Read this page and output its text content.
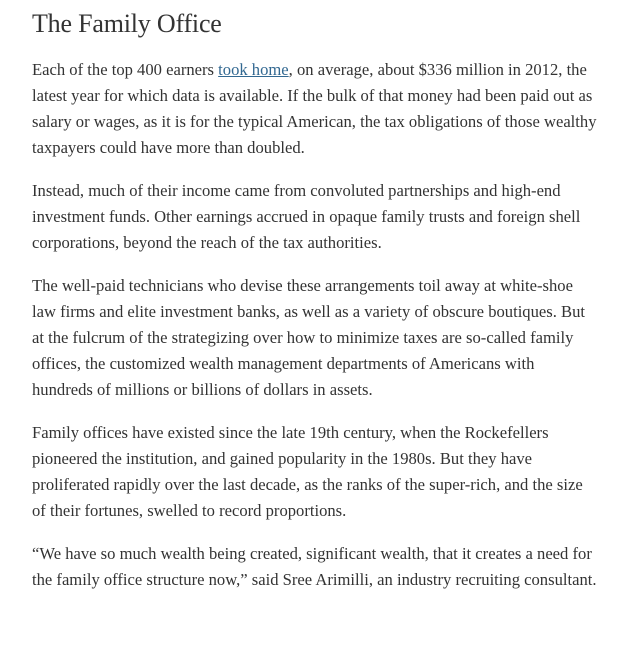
The Family Office

Each of the top 400 earners took home, on average, about $336 million in 2012, the latest year for which data is available. If the bulk of that money had been paid out as salary or wages, as it is for the typical American, the tax obligations of those wealthy taxpayers could have more than doubled.

Instead, much of their income came from convoluted partnerships and high-end investment funds. Other earnings accrued in opaque family trusts and foreign shell corporations, beyond the reach of the tax authorities.

The well-paid technicians who devise these arrangements toil away at white-shoe law firms and elite investment banks, as well as a variety of obscure boutiques. But at the fulcrum of the strategizing over how to minimize taxes are so-called family offices, the customized wealth management departments of Americans with hundreds of millions or billions of dollars in assets.

Family offices have existed since the late 19th century, when the Rockefellers pioneered the institution, and gained popularity in the 1980s. But they have proliferated rapidly over the last decade, as the ranks of the super-rich, and the size of their fortunes, swelled to record proportions.

“We have so much wealth being created, significant wealth, that it creates a need for the family office structure now,” said Sree Arimilli, an industry recruiting consultant.
